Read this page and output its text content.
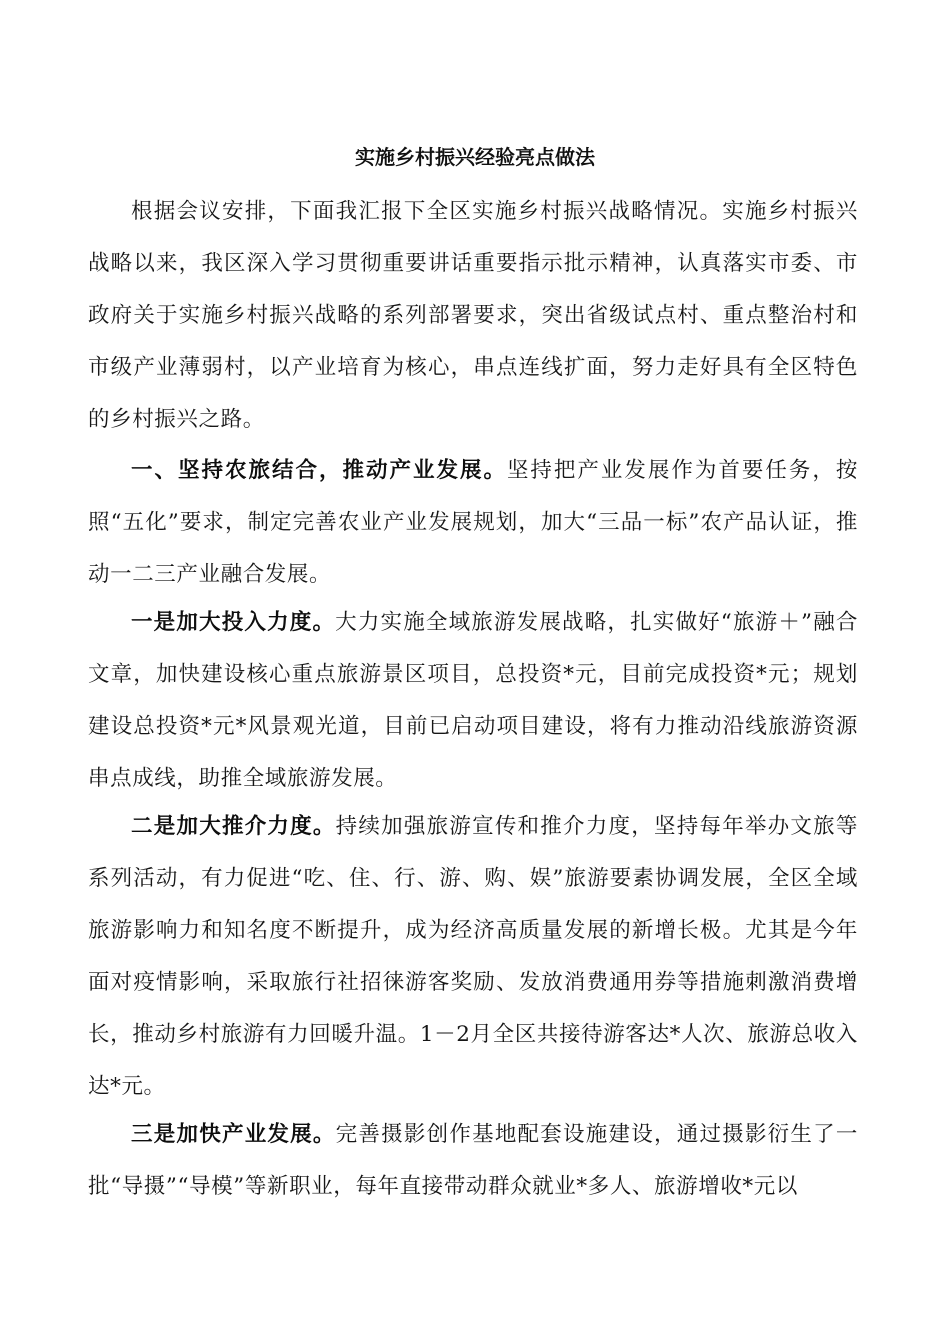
实施乡村振兴经验亮点做法

根据会议安排，下面我汇报下全区实施乡村振兴战略情况。实施乡村振兴战略以来，我区深入学习贯彻重要讲话重要指示批示精神，认真落实市委、市政府关于实施乡村振兴战略的系列部署要求，突出省级试点村、重点整治村和市级产业薄弱村，以产业培育为核心，串点连线扩面，努力走好具有全区特色的乡村振兴之路。

一、坚持农旅结合，推动产业发展。坚持把产业发展作为首要任务，按照“五化”要求，制定完善农业产业发展规划，加大“三品一标”农产品认证，推动一二三产业融合发展。

一是加大投入力度。大力实施全域旅游发展战略，扎实做好“旅游＋”融合文章，加快建设核心重点旅游景区项目，总投资*元，目前完成投资*元；规划建设总投资*元*风景观光道，目前已启动项目建设，将有力推动沿线旅游资源串点成线，助推全域旅游发展。

二是加大推介力度。持续加强旅游宣传和推介力度，坚持每年举办文旅等系列活动，有力促进“吃、住、行、游、购、娱”旅游要素协调发展，全区全域旅游影响力和知名度不断提升，成为经济高质量发展的新增长极。尤其是今年面对疫情影响，采取旅行社招徕游客奖励、发放消费通用券等措施刺激消费增长，推动乡村旅游有力回暖升温。1－2月全区共接待游客达*人次、旅游总收入达*元。

三是加快产业发展。完善摄影创作基地配套设施建设，通过摄影衍生了一批“导摄”“导模”等新职业，每年直接带动群众就业*多人、旅游增收*元以
